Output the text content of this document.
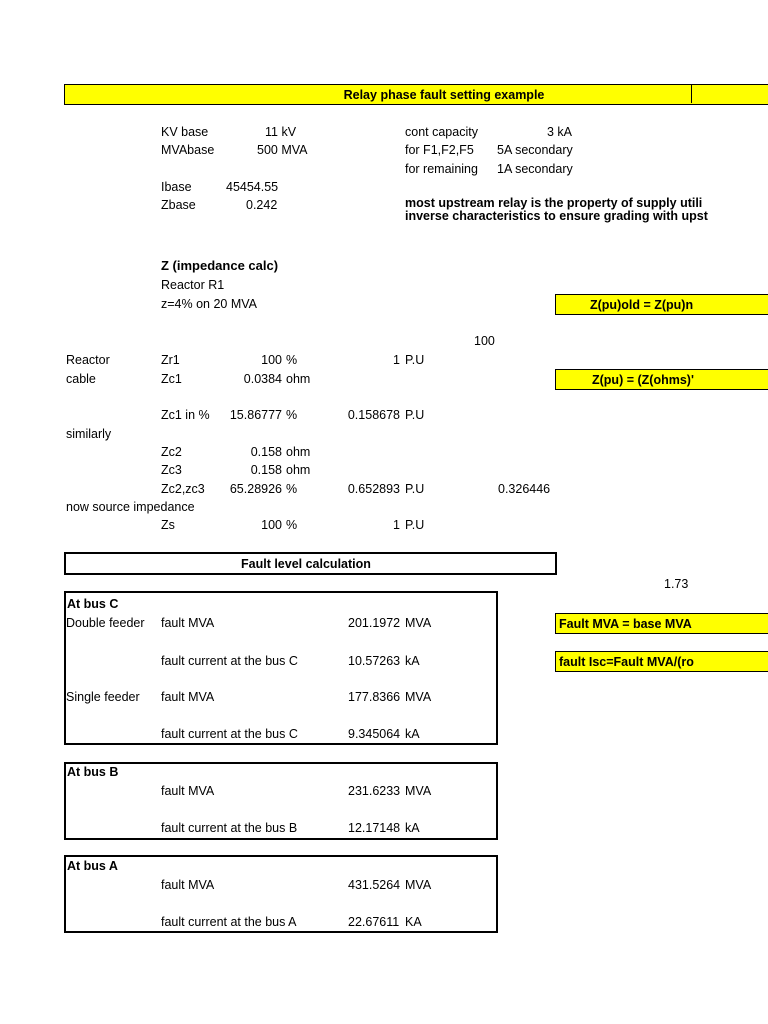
Relay phase fault setting example
KV base	11 kV
MVAbase	500 MVA
Ibase	45454.55
Zbase	0.242
cont capacity	3 kA
for F1,F2,F5 5A secondary
for remaining 1A secondary
most upstream relay is the property of supply utili
inverse characteristics to ensure grading with upst
Z (impedance calc)
Reactor R1
z=4% on 20 MVA	Z(pu)old = Z(pu)n
100
Reactor	Zr1	100 %	1 P.U
cable	Zc1	0.0384 ohm	Z(pu) = (Z(ohms)'
Zc1 in %	15.86777 %	0.158678 P.U
similarly
Zc2	0.158 ohm
Zc3	0.158 ohm
Zc2,zc3	65.28926 %	0.652893 P.U	0.326446
now source impedance
Zs	100 %	1 P.U
Fault level calculation
1.73
At bus C
Double feeder fault MVA	201.1972 MVA
fault current at the bus C	10.57263 kA
Single feeder fault MVA	177.8366 MVA
fault current at the bus C	9.345064 kA
Fault MVA = base MVA
fault Isc=Fault MVA/(ro
At bus B
fault MVA	231.6233 MVA
fault current at the bus B	12.17148 kA
At bus A
fault MVA	431.5264 MVA
fault current at the bus A	22.67611 KA
